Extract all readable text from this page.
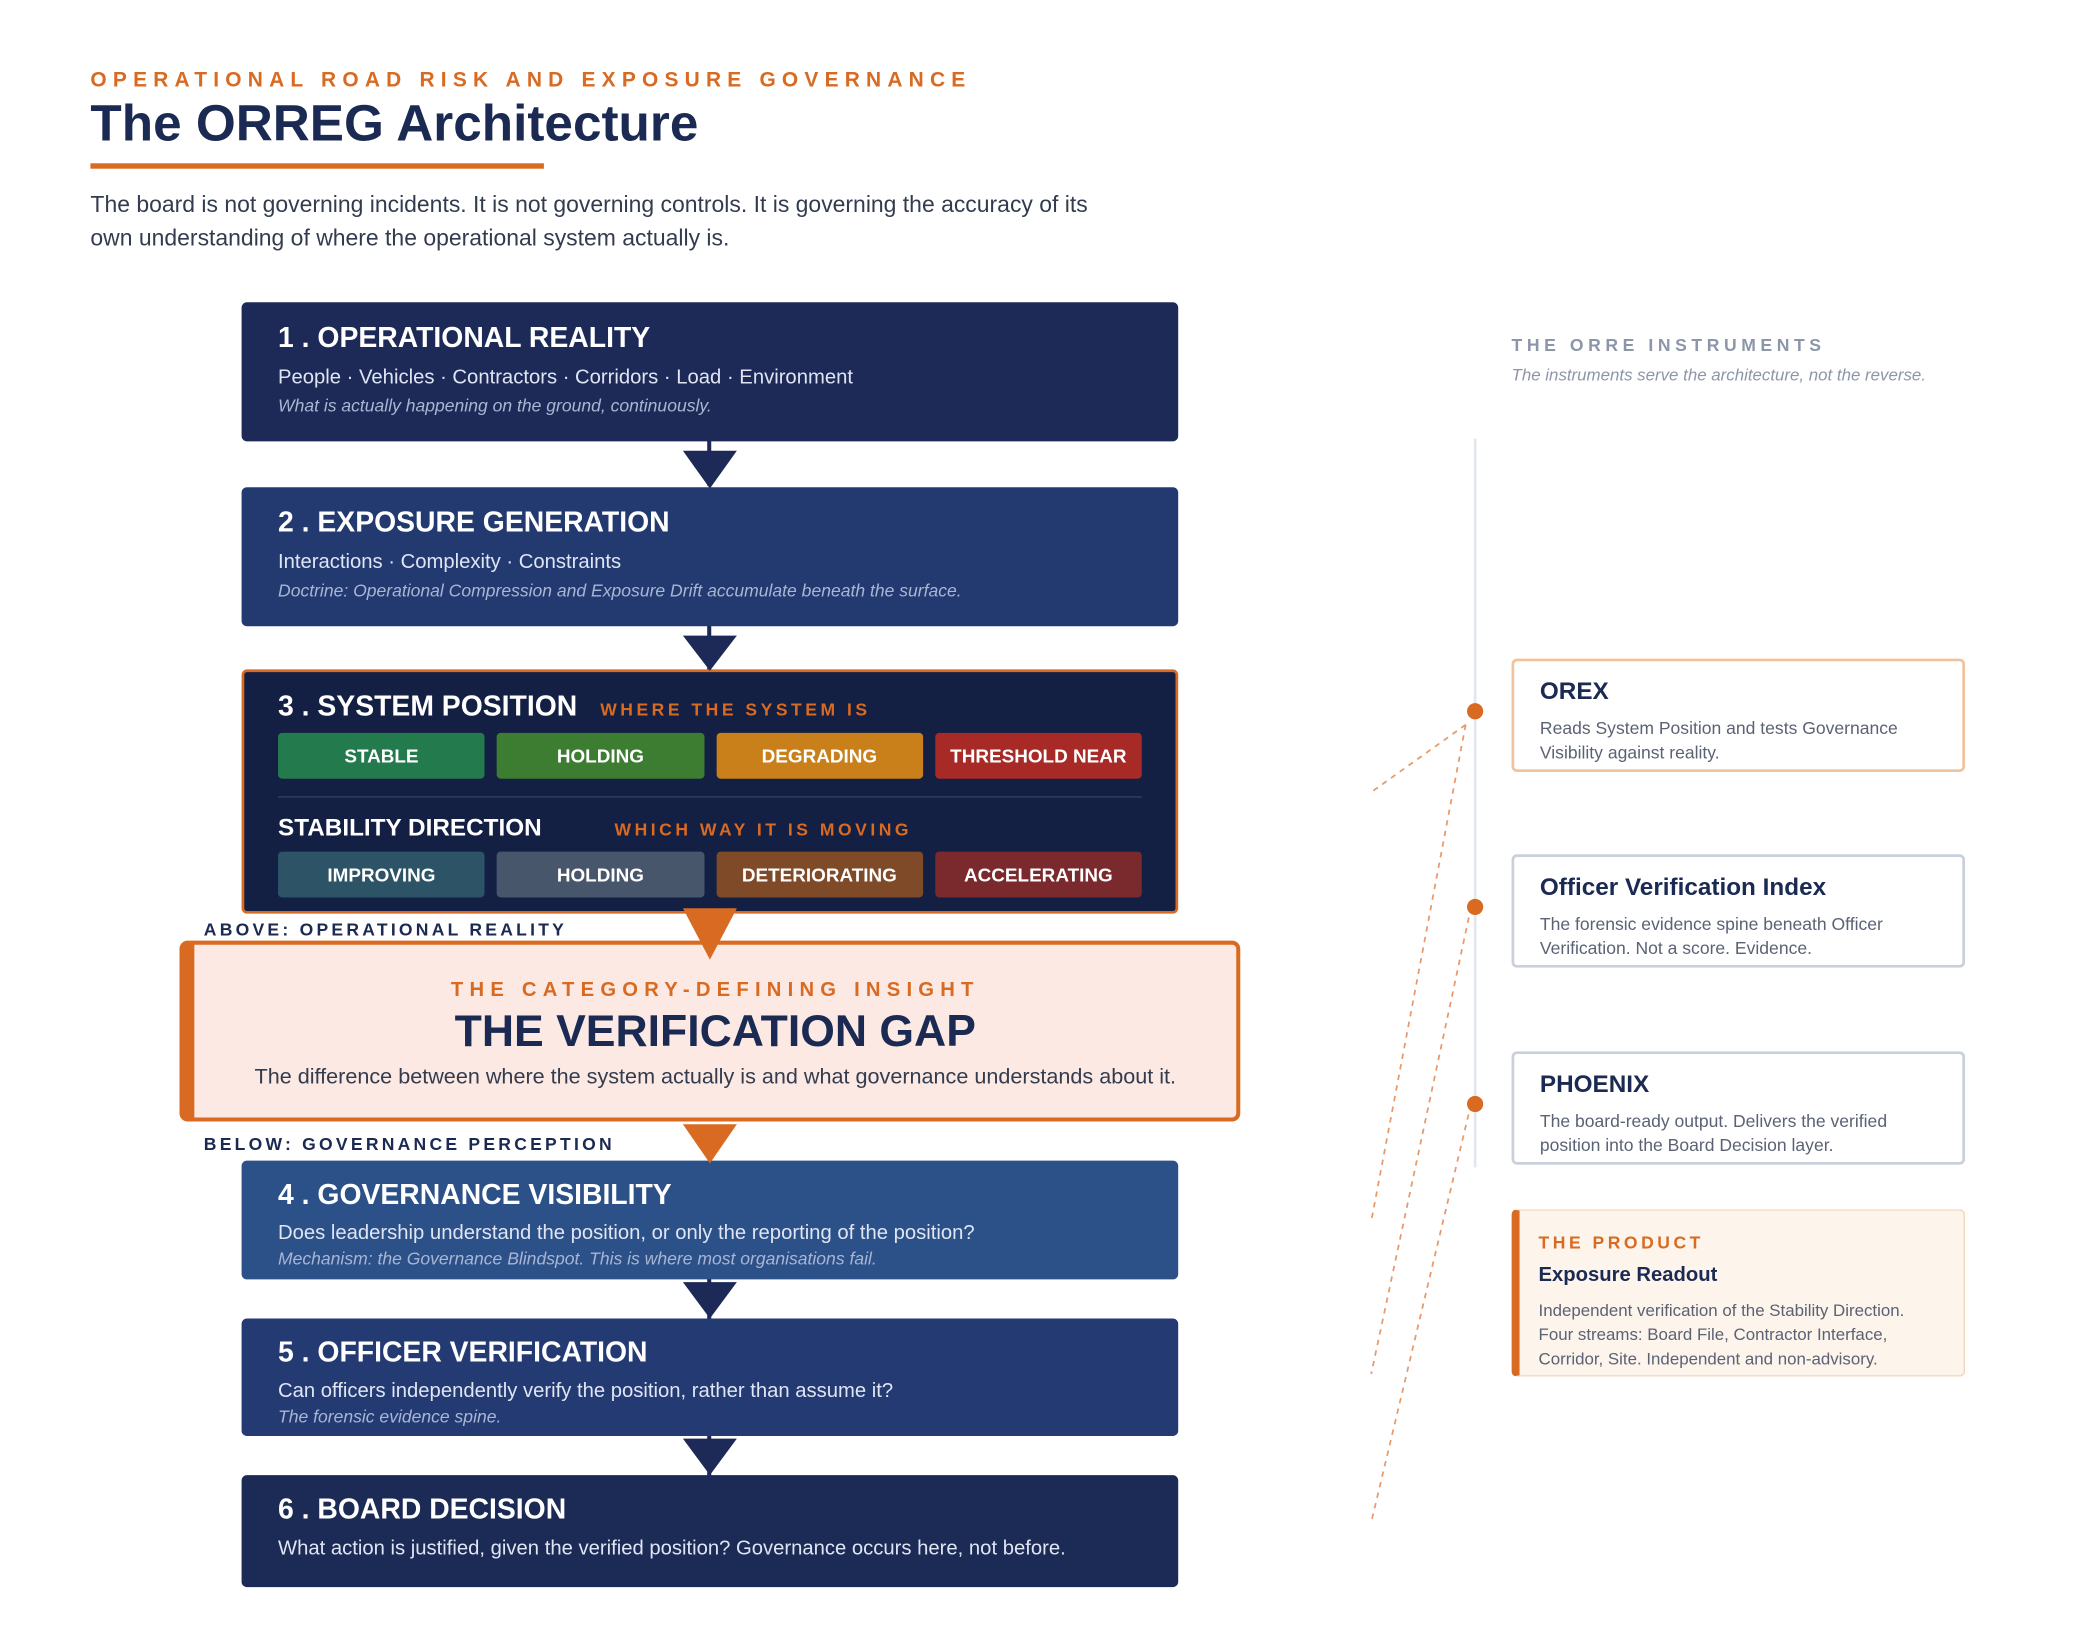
OPERATIONAL ROAD RISK AND EXPOSURE GOVERNANCE
The ORREG Architecture
The board is not governing incidents. It is not governing controls. It is governing the accuracy of its own understanding of where the operational system actually is.
1 . OPERATIONAL REALITY
People · Vehicles · Contractors · Corridors · Load · Environment
What is actually happening on the ground, continuously.
2 . EXPOSURE GENERATION
Interactions · Complexity · Constraints
Doctrine: Operational Compression and Exposure Drift accumulate beneath the surface.
3 . SYSTEM POSITION WHERE THE SYSTEM IS
STABLE	HOLDING	DEGRADING	THRESHOLD NEAR
STABILITY DIRECTION	WHICH WAY IT IS MOVING
IMPROVING	HOLDING	DETERIORATING	ACCELERATING
ABOVE: OPERATIONAL REALITY
THE CATEGORY-DEFINING INSIGHT
THE VERIFICATION GAP
The difference between where the system actually is and what governance understands about it.
BELOW: GOVERNANCE PERCEPTION
4 . GOVERNANCE VISIBILITY
Does leadership understand the position, or only the reporting of the position?
Mechanism: the Governance Blindspot. This is where most organisations fail.
5 . OFFICER VERIFICATION
Can officers independently verify the position, rather than assume it?
The forensic evidence spine.
6 . BOARD DECISION
What action is justified, given the verified position? Governance occurs here, not before.
THE ORRE INSTRUMENTS
The instruments serve the architecture, not the reverse.
OREX
Reads System Position and tests Governance Visibility against reality.
Officer Verification Index
The forensic evidence spine beneath Officer Verification. Not a score. Evidence.
PHOENIX
The board-ready output. Delivers the verified position into the Board Decision layer.
THE PRODUCT
Exposure Readout
Independent verification of the Stability Direction. Four streams: Board File, Contractor Interface, Corridor, Site. Independent and non-advisory.
